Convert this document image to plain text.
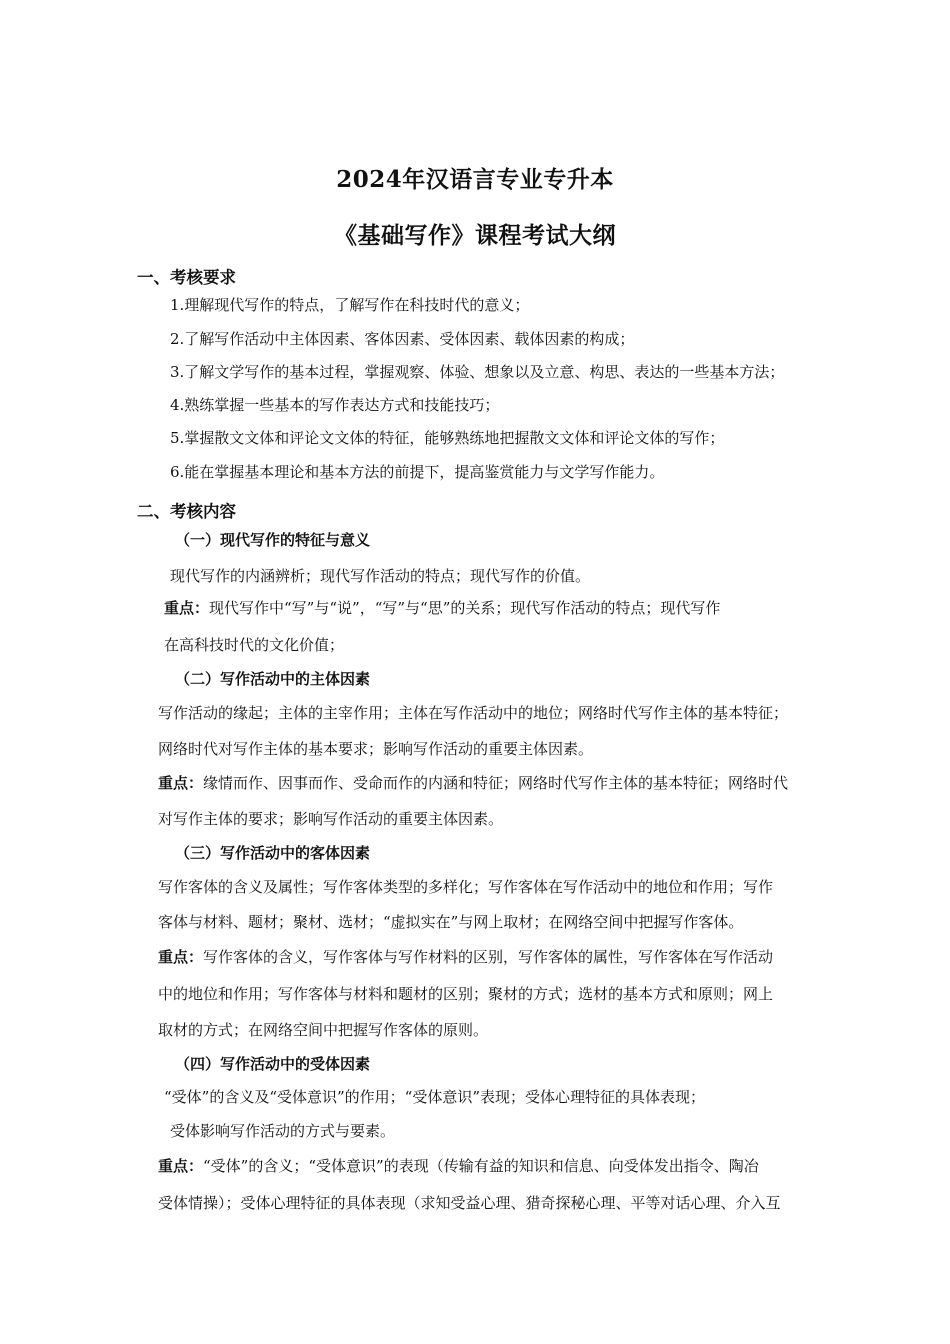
2024年汉语言专业专升本
《基础写作》课程考试大纲
一、考核要求
1.理解现代写作的特点，了解写作在科技时代的意义；
2.了解写作活动中主体因素、客体因素、受体因素、载体因素的构成；
3.了解文学写作的基本过程，掌握观察、体验、想象以及立意、构思、表达的一些基本方法；
4.熟练掌握一些基本的写作表达方式和技能技巧；
5.掌握散文文体和评论文文体的特征，能够熟练地把握散文文体和评论文体的写作；
6.能在掌握基本理论和基本方法的前提下，提高鉴赏能力与文学写作能力。
二、考核内容
（一）现代写作的特征与意义
现代写作的内涵辨析；现代写作活动的特点；现代写作的价值。
重点：现代写作中“写”与“说”，“写”与“思”的关系；现代写作活动的特点；现代写作
在高科技时代的文化价值；
（二）写作活动中的主体因素
写作活动的缘起；主体的主宰作用；主体在写作活动中的地位；网络时代写作主体的基本特征；
网络时代对写作主体的基本要求；影响写作活动的重要主体因素。
重点：缘情而作、因事而作、受命而作的内涵和特征；网络时代写作主体的基本特征；网络时代
对写作主体的要求；影响写作活动的重要主体因素。
（三）写作活动中的客体因素
写作客体的含义及属性；写作客体类型的多样化；写作客体在写作活动中的地位和作用；写作
客体与材料、题材；聚材、选材；“虚拟实在”与网上取材；在网络空间中把握写作客体。
重点：写作客体的含义，写作客体与写作材料的区别，写作客体的属性，写作客体在写作活动
中的地位和作用；写作客体与材料和题材的区别；聚材的方式；选材的基本方式和原则；网上
取材的方式；在网络空间中把握写作客体的原则。
（四）写作活动中的受体因素
“受体”的含义及“受体意识”的作用；“受体意识”表现；受体心理特征的具体表现；
受体影响写作活动的方式与要素。
重点：“受体”的含义；“受体意识”的表现（传输有益的知识和信息、向受体发出指令、陶冶
受体情操）；受体心理特征的具体表现（求知受益心理、猎奇探秘心理、平等对话心理、介入互
